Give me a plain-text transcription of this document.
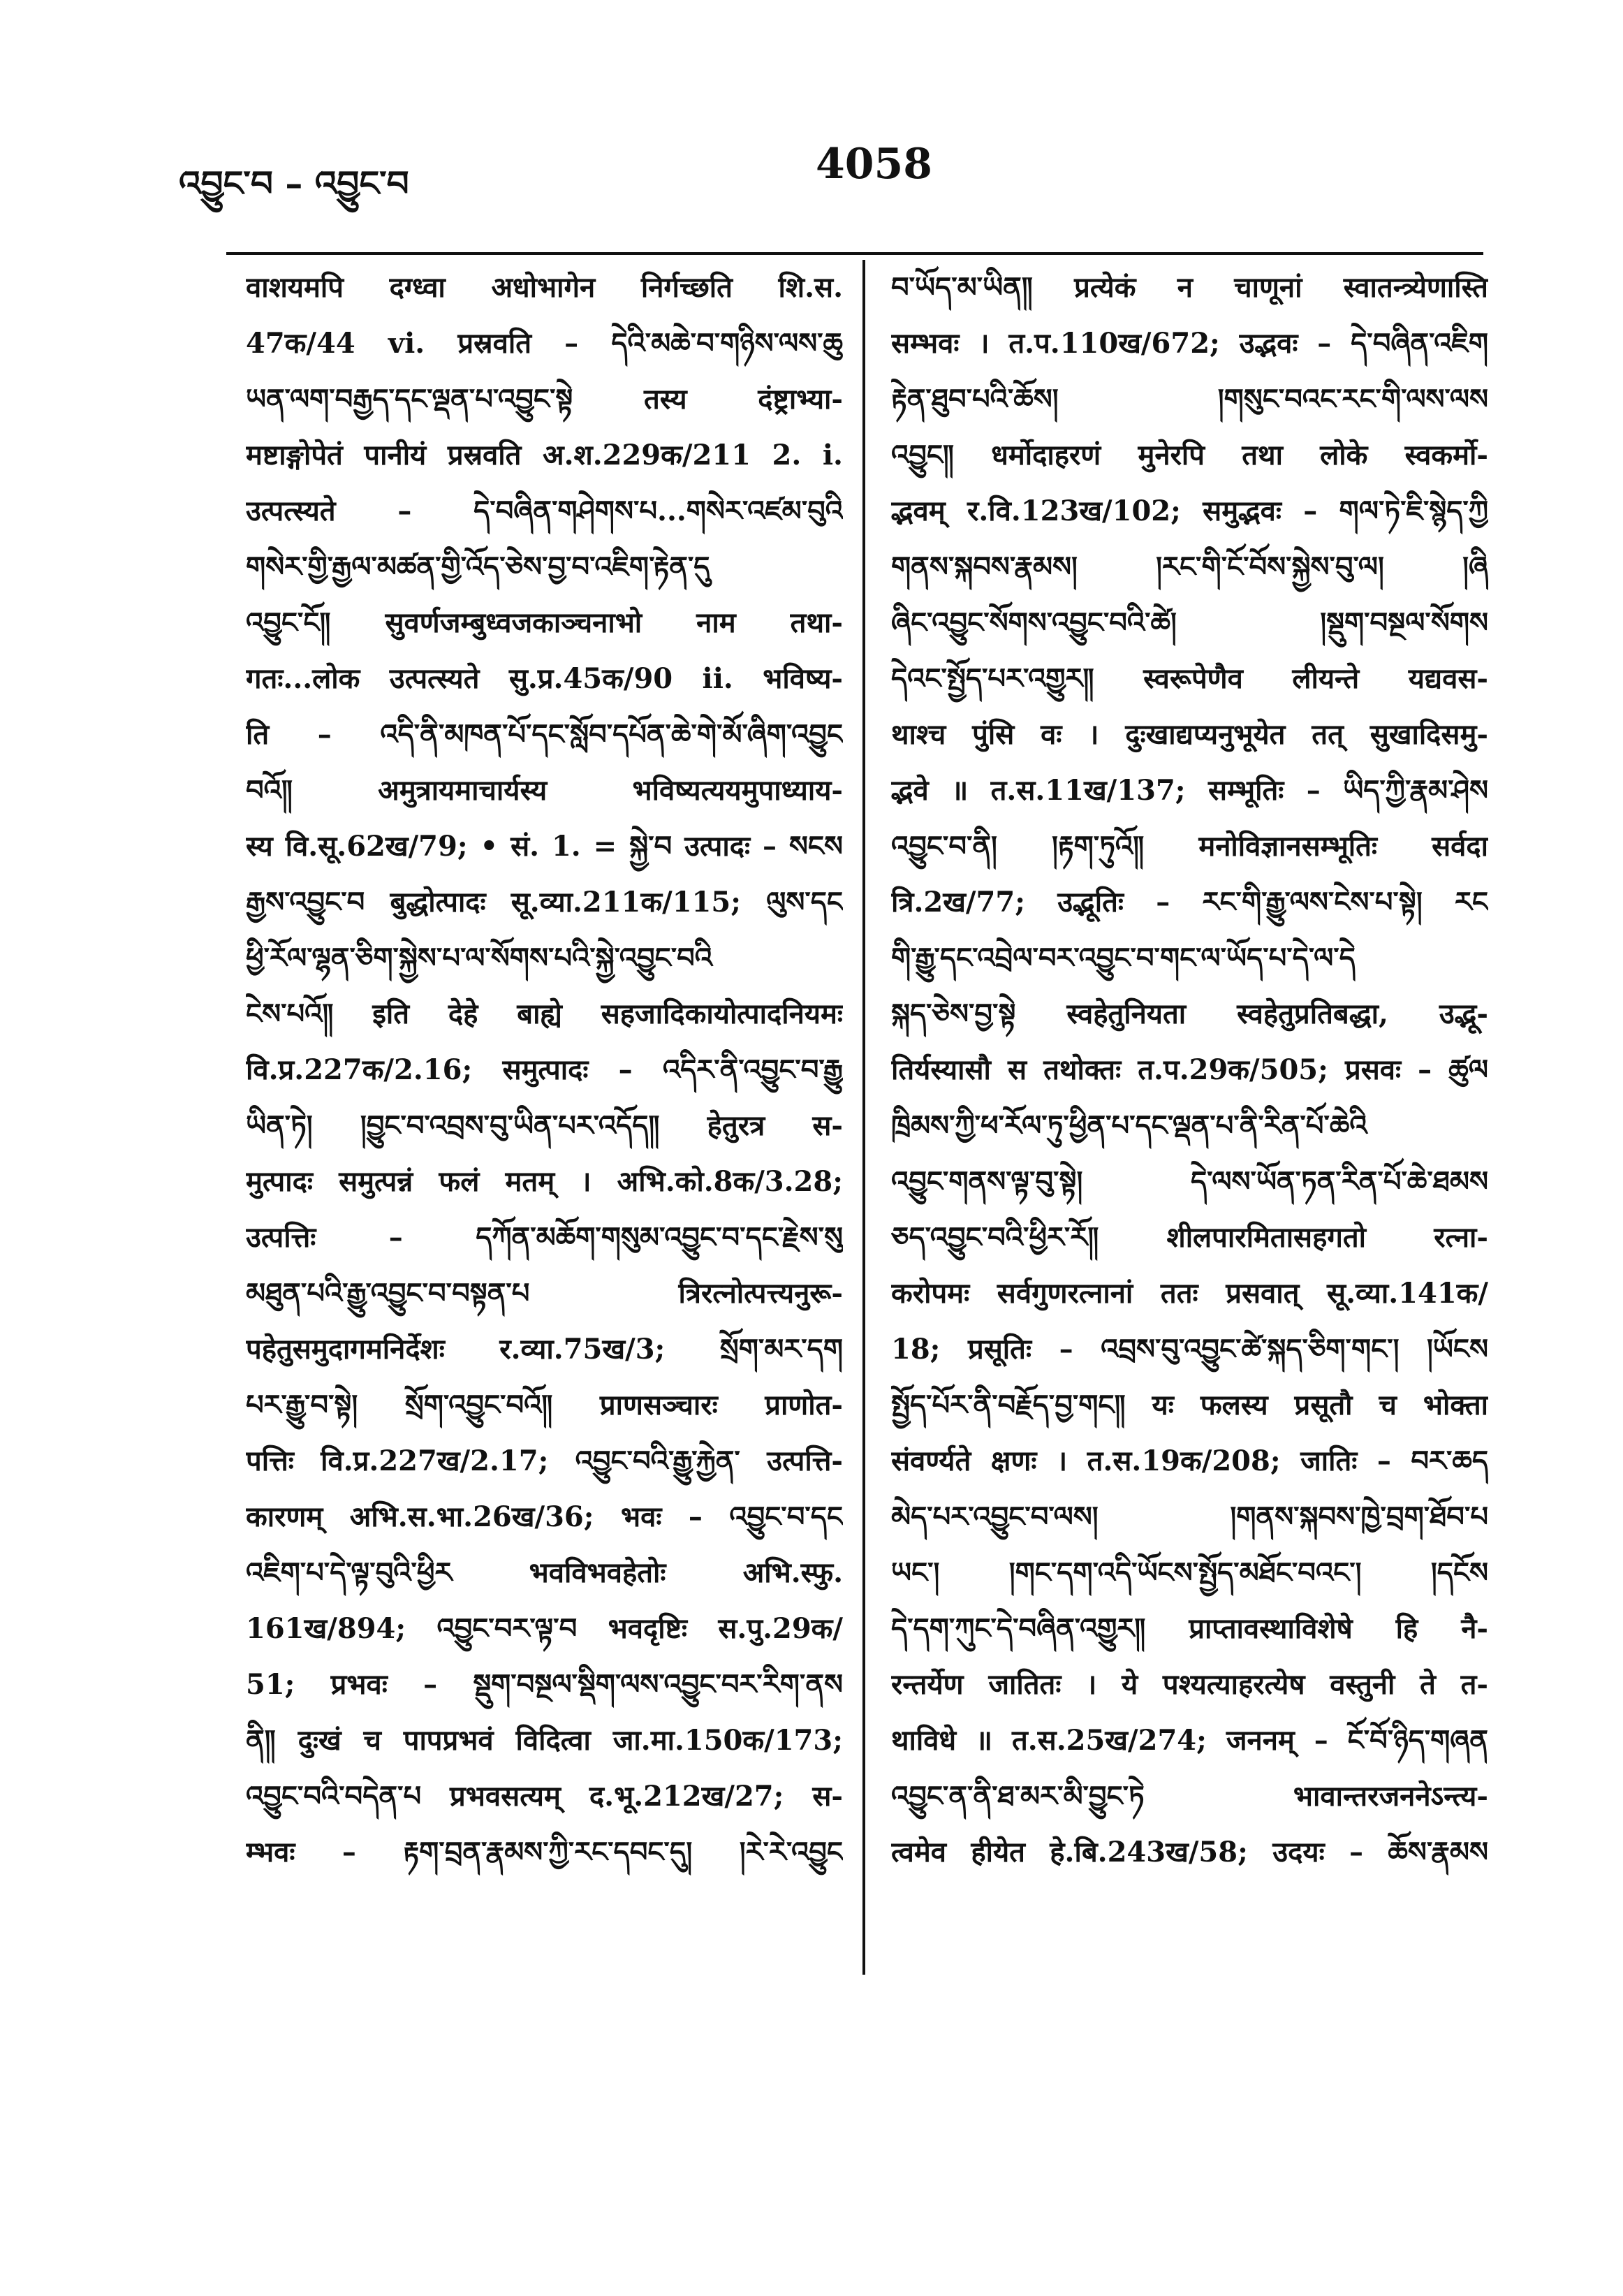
འབྱུང་བ – འབྱུང་བ	4058
वाशयमपि दग्ध्वा अधोभागेन निर्गच्छति शि.स.
47क/44 vi. प्रस्रवति – དེའི་མཆེ་བ་གཉིས་ལས་ཆུ
ཡན་ལག་བརྒྱད་དང་ལྡན་པ་འབྱུང་སྟེ तस्य दंष्ट्राभ्या-
मष्टाङ्गोपेतं पानीयं प्रस्रवति अ.श.229क/211 2. i.
उत्पत्स्यते – དེ་བཞིན་གཤེགས་པ...གསེར་འཛམ་བུའི
གསེར་གྱི་རྒྱལ་མཚན་གྱི་འོད་ཅེས་བྱ་བ་འཇིག་རྟེན་དུ
འབྱུང་ངོ༎ सुवर्णजम्बुध्वजकाञ्चनाभो नाम तथा-
गतः...लोक उत्पत्स्यते सु.प्र.45क/90 ii. भविष्य-
ति – འདི་ནི་མཁན་པོ་དང་སློབ་དཔོན་ཆེ་གེ་མོ་ཞིག་འབྱུང
བའོ༎ अमुत्रायमाचार्यस्य भविष्यत्ययमुपाध्याय-
स्य वि.सू.62ख/79; • सं. 1. = སྐྱེ་བ उत्पादः – སངས
རྒྱས་འབྱུང་བ बुद्धोत्पादः सू.व्या.211क/115; ལུས་དང
ཕྱི་རོལ་ལྷན་ཅིག་སྐྱེས་པ་ལ་སོགས་པའི་སྐྱེ་འབྱུང་བའི
ངེས་པའོ༎ इति देहे बाह्ये सहजादिकायोत्पादनियमः
वि.प्र.227क/2.16; समुत्पादः – འདིར་ནི་འབྱུང་བ་རྒྱུ
ཡིན་ཏེ། །བྱུང་བ་འབྲས་བུ་ཡིན་པར་འདོད༎ हेतुरत्र स-
मुत्पादः समुत्पन्नं फलं मतम् । अभि.को.8क/3.28;
उत्पत्तिः – དཀོན་མཆོག་གསུམ་འབྱུང་བ་དང་རྗེས་སུ
མཐུན་པའི་རྒྱུ་འབྱུང་བ་བསྟན་པ त्रिरत्नोत्पत्त्यनुरू-
पहेतुसमुदागमनिर्देशः र.व्या.75ख/3; སྲོག་མར་དག
པར་རྒྱུ་བ་སྟེ། སྲོག་འབྱུང་བའོ༎ प्राणसञ्चारः प्राणोत-
पत्तिः वि.प्र.227ख/2.17; འབྱུང་བའི་རྒྱུ་རྐྱེན་ उत्पत्ति-
कारणम् अभि.स.भा.26ख/36; भवः – འབྱུང་བ་དང
འཇིག་པ་དེ་ལྟ་བུའི་ཕྱིར भवविभवहेतोः अभि.स्फु.
161ख/894; འབྱུང་བར་ལྟ་བ भवदृष्टिः स.पु.29क/
51; प्रभवः – སྡུག་བསྔལ་སྡིག་ལས་འབྱུང་བར་རིག་ནས
ནི༎ दुःखं च पापप्रभवं विदित्वा जा.मा.150क/173;
འབྱུང་བའི་བདེན་པ प्रभवसत्यम् द.भू.212ख/27; स-
म्भवः – རྟག་བྲན་རྣམས་ཀྱི་རང་དབང་དུ། །རེ་རེ་འབྱུང
བ་ཡོད་མ་ཡིན༎ प्रत्येकं न चाणूनां स्वातन्त्र्येणास्ति
सम्भवः । त.प.110ख/672; उद्भवः – དེ་བཞིན་འཇིག
རྟེན་ཐུབ་པའི་ཆོས། །གསུང་བའང་རང་གི་ལས་ལས
འབྱུང༎ धर्मोदाहरणं मुनेरपि तथा लोके स्वकर्मो-
द्भवम् र.वि.123ख/102; समुद्भवः – གལ་ཏེ་ཇི་སྙེད་ཀྱི
གནས་སྐབས་རྣམས། །རང་གི་ངོ་བོས་སྐྱེས་བུ་ལ། །ཞི
ཞིང་འབྱུང་སོགས་འབྱུང་བའི་ཚེ། །སྡུག་བསྔལ་སོགས
དེའང་སྤྱོད་པར་འགྱུར༎ स्वरूपेणैव लीयन्ते यद्यवस-
थाश्च पुंसि वः । दुःखाद्यप्यनुभूयेत तत् सुखादिसमु-
द्भवे ॥ त.स.11ख/137; सम्भूतिः – ཡིད་ཀྱི་རྣམ་ཤེས
འབྱུང་བ་ནི། །རྟག་ཏུའོ༎ मनोविज्ञानसम्भूतिः सर्वदा
त्रि.2ख/77; उद्भूतिः – རང་གི་རྒྱུ་ལས་ངེས་པ་སྟེ། རང
གི་རྒྱུ་དང་འབྲེལ་བར་འབྱུང་བ་གང་ལ་ཡོད་པ་དེ་ལ་དེ
སྐད་ཅེས་བྱ་སྟེ स्वहेतुनियता स्वहेतुप्रतिबद्धा, उद्भू-
तिर्यस्यासौ स तथोक्तः त.प.29क/505; प्रसवः – ཚུལ
ཁྲིམས་ཀྱི་ཕ་རོལ་ཏུ་ཕྱིན་པ་དང་ལྡན་པ་ནི་རིན་པོ་ཆེའི
འབྱུང་གནས་ལྟ་བུ་སྟེ། དེ་ལས་ཡོན་ཏན་རིན་པོ་ཆེ་ཐམས
ཅད་འབྱུང་བའི་ཕྱིར་རོ༎ शीलपारमितासहगतो रत्ना-
करोपमः सर्वगुणरत्नानां ततः प्रसवात् सू.व्या.141क/
18; प्रसूतिः – འབྲས་བུ་འབྱུང་ཚེ་སྐད་ཅིག་གང་། །ཡོངས
སྤྱོད་པོར་ནི་བརྗོད་བྱ་གང༎ यः फलस्य प्रसूतौ च भोक्ता
संवर्ण्यते क्षणः । त.स.19क/208; जातिः – བར་ཆད
མེད་པར་འབྱུང་བ་ལས། །གནས་སྐབས་ཁྱེ་བྲག་ཐོབ་པ
ཡང་། །གང་དག་འདི་ཡོངས་སྤྱོད་མཐོང་བའང་། །དངོས
དེ་དག་ཀུང་དེ་བཞིན་འགྱུར༎ प्राप्तावस्थाविशेषे हि नै-
रन्तर्येण जातितः । ये पश्यत्याहरत्येष वस्तुनी ते त-
थाविधे ॥ त.स.25ख/274; जननम् – ངོ་བོ་ཉིད་གཞན
འབྱུང་ན་ནི་ཐ་མར་མི་བྱུང་ཏེ भावान्तरजननेऽन्त्य-
त्वमेव हीयेत हे.बि.243ख/58; उदयः – ཆོས་རྣམས
